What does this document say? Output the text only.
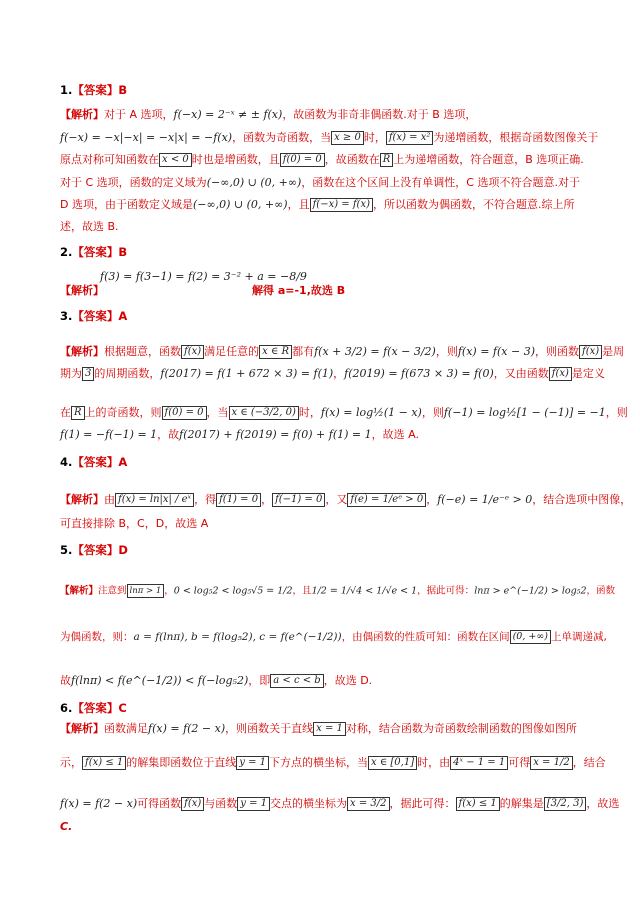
1.【答案】B
【解析】对于 A 选项，f(−x) = 2⁻ˣ ≠ ± f(x)，故函数为非奇非偶函数.对于 B 选项，
f(−x) = −x|−x| = −x|x| = −f(x)，函数为奇函数，当 x ≥ 0 时， f(x) = x² 为递增函数，根据奇函数图像关于
原点对称可知函数在 x < 0 时也是增函数，且 f(0) = 0 ，故函数在 R 上为递增函数，符合题意，B 选项正确.
对于 C 选项，函数的定义域为(−∞,0) ∪ (0, +∞)，函数在这个区间上没有单调性，C 选项不符合题意.对于
D 选项，由于函数定义域是(−∞,0) ∪ (0, +∞)，且 f(−x) = f(x) ，所以函数为偶函数，不符合题意.综上所
述，故选 B.
2.【答案】B
f(3) = f(3−1) = f(2) = 3⁻² + a = −8/9
【解析】	解得 a=-1,故选 B
3.【答案】A
【解析】根据题意，函数 f(x) 满足任意的 x ∈ R 都有f(x + 3/2) = f(x − 3/2)，则f(x) = f(x − 3)，则函数 f(x) 是周
期为 3 的周期函数，f(2017) = f(1 + 672 × 3) = f(1)，f(2019) = f(673 × 3) = f(0)，又由函数 f(x) 是定义
在 R 上的奇函数，则 f(0) = 0 ，当 x ∈ (−3/2, 0) 时，f(x) = log½(1 − x)，则f(−1) = log½[1 − (−1)] = −1，则
f(1) = −f(−1) = 1，故f(2017) + f(2019) = f(0) + f(1) = 1，故选 A.
4.【答案】A
【解析】由 f(x) = ln|x| / eˣ ，得 f(1) = 0 ， f(−1) = 0 ，又 f(e) = 1/eᵉ > 0 ，f(−e) = 1/e⁻ᵉ > 0，结合选项中图像，
可直接排除 B，C，D，故选 A
5.【答案】D
【解析】注意到 lnπ > 1 ，0 < log₅2 < log₅√5 = 1/2，且1/2 = 1/√4 < 1/√e < 1，据此可得：lnπ > e^(−1/2) > log₅2，函数
为偶函数，则：a = f(lnπ), b = f(log₅2), c = f(e^(−1/2))，由偶函数的性质可知：函数在区间 (0, +∞) 上单调递减,
故f(lnπ) < f(e^(−1/2)) < f(−log₅2)，即 a < c < b ，故选 D.
6.【答案】C
【解析】函数满足f(x) = f(2 − x)，则函数关于直线 x = 1 对称，结合函数为奇函数绘制函数的图像如图所
示， f(x) ≤ 1 的解集即函数位于直线 y = 1 下方点的横坐标，当 x ∈ [0,1] 时，由 4ˣ − 1 = 1 可得 x = 1/2 ，结合
f(x) = f(2 − x)可得函数 f(x) 与函数 y = 1 交点的横坐标为 x = 3/2 ，据此可得： f(x) ≤ 1 的解集是 [3/2, 3) ，故选
C.
